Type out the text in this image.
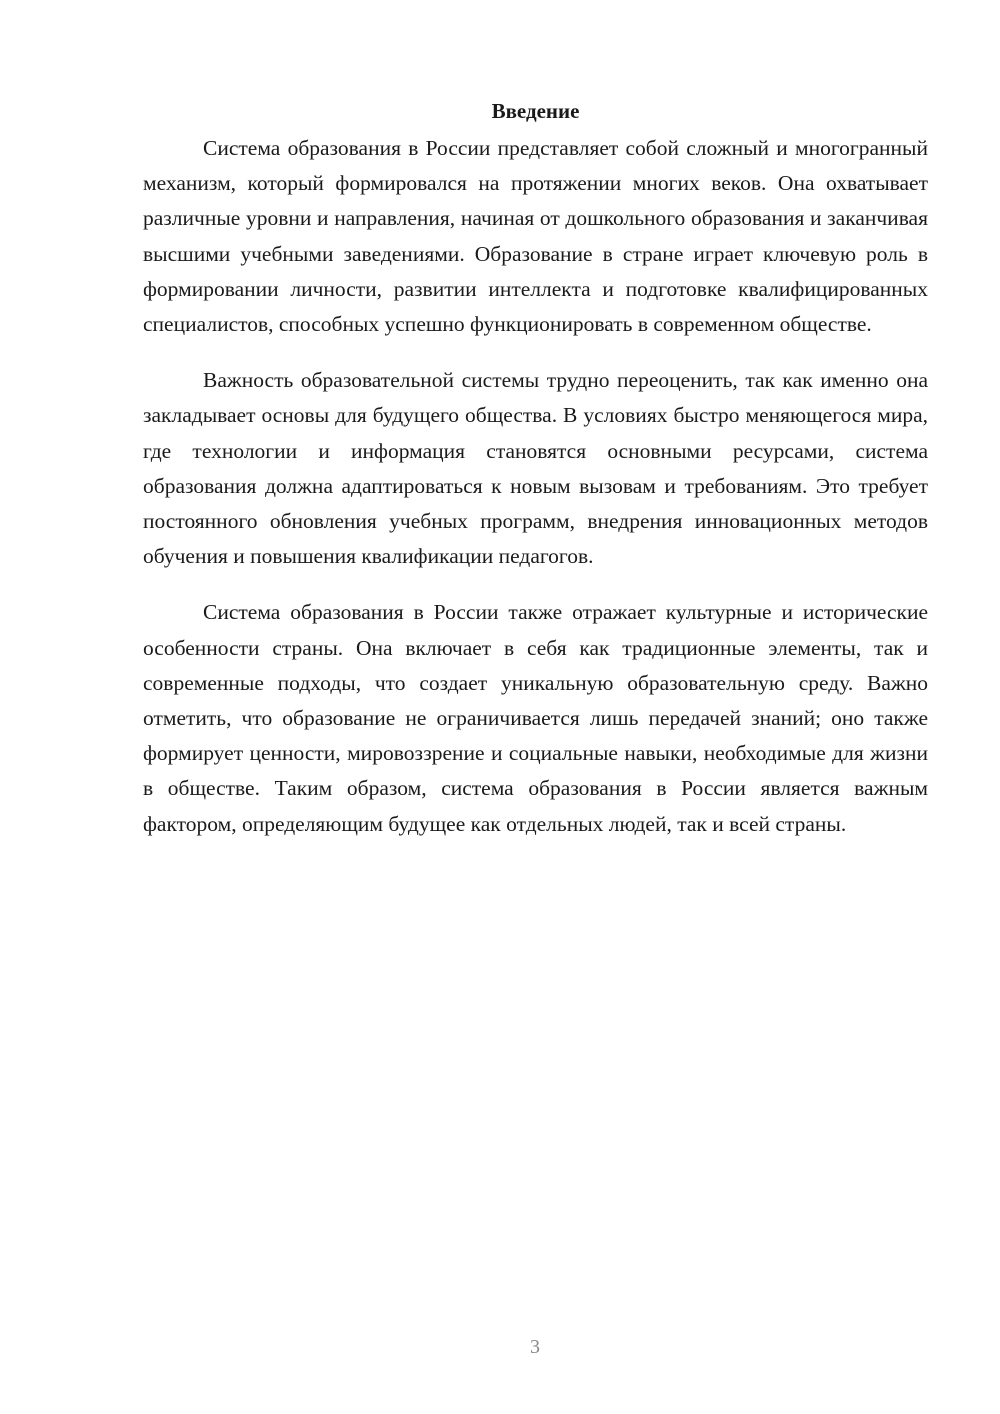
Введение

Система образования в России представляет собой сложный и многогранный механизм, который формировался на протяжении многих веков. Она охватывает различные уровни и направления, начиная от дошкольного образования и заканчивая высшими учебными заведениями. Образование в стране играет ключевую роль в формировании личности, развитии интеллекта и подготовке квалифицированных специалистов, способных успешно функционировать в современном обществе.

Важность образовательной системы трудно переоценить, так как именно она закладывает основы для будущего общества. В условиях быстро меняющегося мира, где технологии и информация становятся основными ресурсами, система образования должна адаптироваться к новым вызовам и требованиям. Это требует постоянного обновления учебных программ, внедрения инновационных методов обучения и повышения квалификации педагогов.

Система образования в России также отражает культурные и исторические особенности страны. Она включает в себя как традиционные элементы, так и современные подходы, что создает уникальную образовательную среду. Важно отметить, что образование не ограничивается лишь передачей знаний; оно также формирует ценности, мировоззрение и социальные навыки, необходимые для жизни в обществе. Таким образом, система образования в России является важным фактором, определяющим будущее как отдельных людей, так и всей страны.

3
